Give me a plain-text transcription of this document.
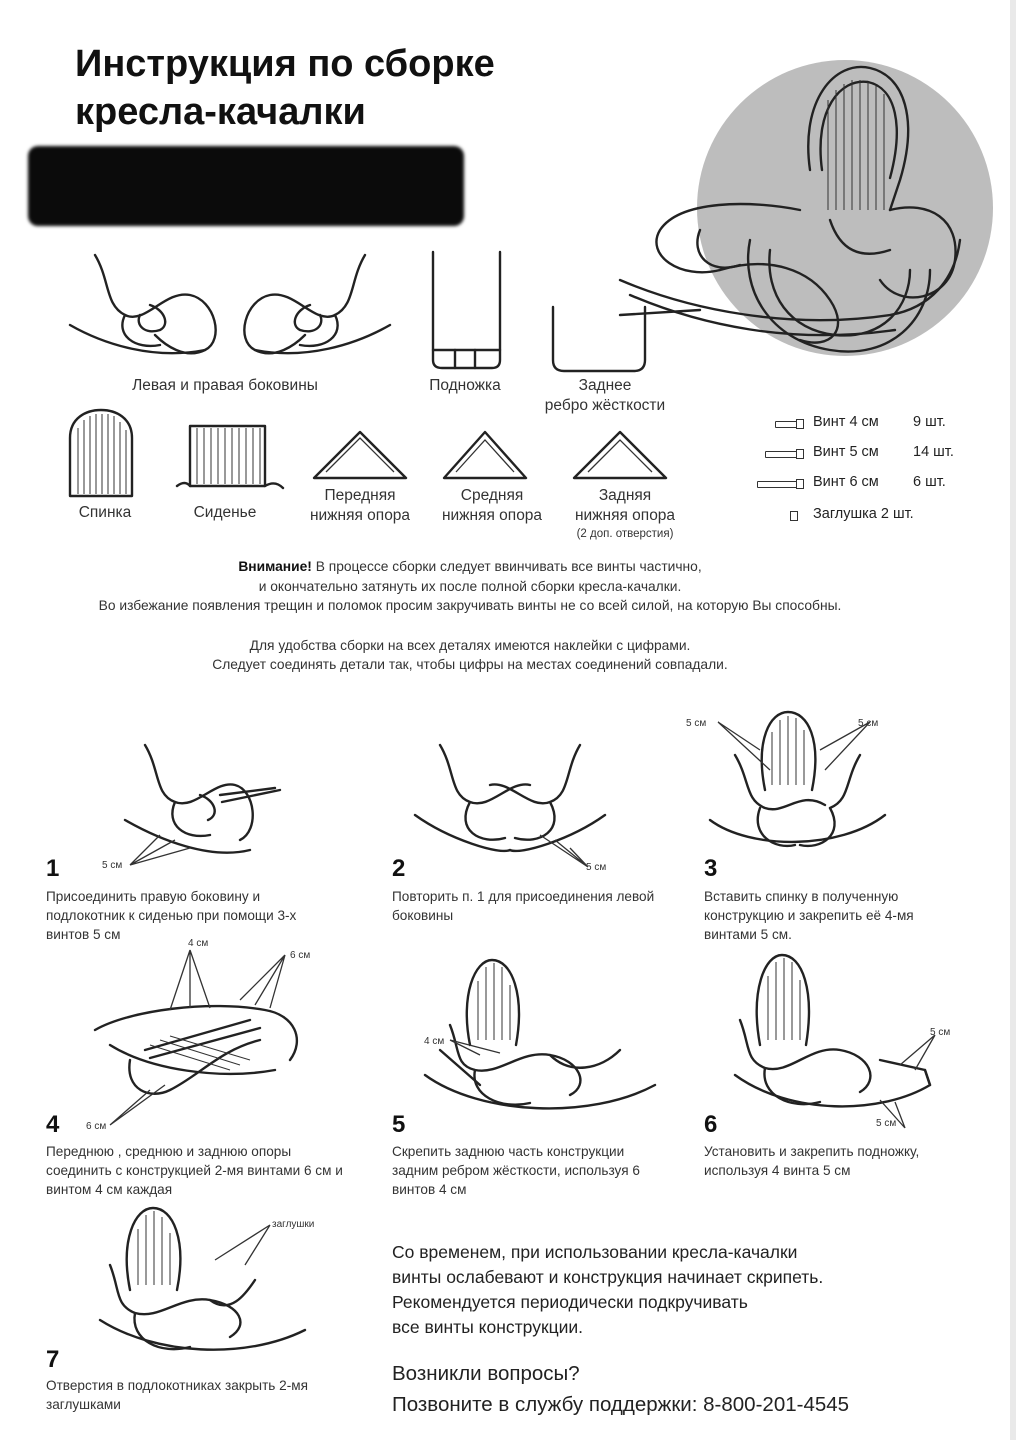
Инструкция по сборке
кресла-качалки
Левая и правая боковины	Подножка	Заднее
ребро жёсткости
Спинка	Сиденье
Передняя
нижняя опора
Средняя
нижняя опора
Задняя
нижняя опора
(2 доп. отверстия)
Винт 4 см 9 шт.
Винт 5 см 14 шт.
Винт 6 см 6 шт.
Заглушка 2 шт.
Внимание! В процессе сборки следует ввинчивать все винты частично,
и окончательно затянуть их после полной сборки кресла-качалки.
Во избежание появления трещин и поломок просим закручивать винты не со всей силой, на которую Вы способны.
Для удобства сборки на всех деталях имеются наклейки с цифрами.
Следует соединять детали так, чтобы цифры на местах соединений совпадали.
5 см
1
Присоединить правую боковину и подлокотник к сиденью при помощи 3-х винтов 5 см
5 см
2
Повторить п. 1 для присоединения левой боковины
5 см	5 см
3
Вставить спинку в полученную конструкцию и закрепить её 4-мя винтами 5 см.
4 см
6 см
6 см
4
Переднюю , среднюю и заднюю опоры соединить с конструкцией 2-мя винтами 6 см и винтом 4 см каждая
4 см
5
Скрепить заднюю часть конструкции задним ребром жёсткости, используя 6 винтов 4 см
5 см
5 см
6
Установить и закрепить подножку, используя 4 винта 5 см
заглушки
7
Отверстия в подлокотниках закрыть 2-мя заглушками
Со временем, при использовании кресла-качалки
винты ослабевают и конструкция начинает скрипеть.
Рекомендуется периодически подкручивать
все винты конструкции.
Возникли вопросы?
Позвоните в службу поддержки: 8-800-201-4545
